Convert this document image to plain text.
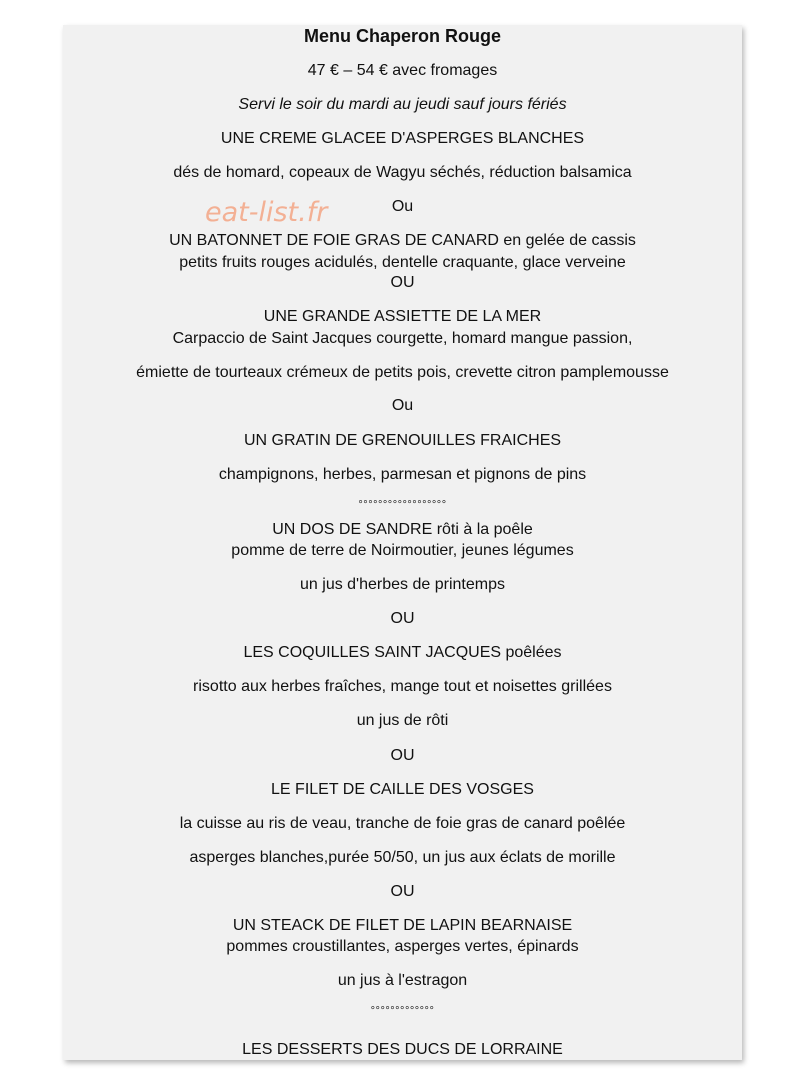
Menu Chaperon Rouge
47 € – 54 € avec fromages
Servi le soir du mardi au jeudi sauf jours fériés
eat-list.fr
UNE CREME GLACEE D'ASPERGES BLANCHES
dés de homard, copeaux de Wagyu séchés, réduction balsamica
Ou
UN BATONNET DE FOIE GRAS DE CANARD en gelée de cassis
petits fruits rouges acidulés, dentelle craquante, glace verveine
OU
UNE GRANDE ASSIETTE DE LA MER
Carpaccio de Saint Jacques courgette, homard mangue passion,
émiette de tourteaux crémeux de petits pois, crevette citron pamplemousse
Ou
UN GRATIN DE GRENOUILLES FRAICHES
champignons, herbes, parmesan et pignons de pins
°°°°°°°°°°°°°°°°°°
UN DOS DE SANDRE rôti à la poêle
pomme de terre de Noirmoutier, jeunes légumes
un jus d'herbes de printemps
OU
LES COQUILLES SAINT JACQUES poêlées
risotto aux herbes fraîches, mange tout et noisettes grillées
un jus de rôti
OU
LE FILET DE CAILLE DES VOSGES
la cuisse au ris de veau, tranche de foie gras de canard poêlée
asperges blanches,purée 50/50, un jus aux éclats de morille
OU
UN STEACK DE FILET DE LAPIN BEARNAISE
pommes croustillantes, asperges vertes, épinards
un jus à l'estragon
°°°°°°°°°°°°°
LES DESSERTS DES DUCS DE LORRAINE
